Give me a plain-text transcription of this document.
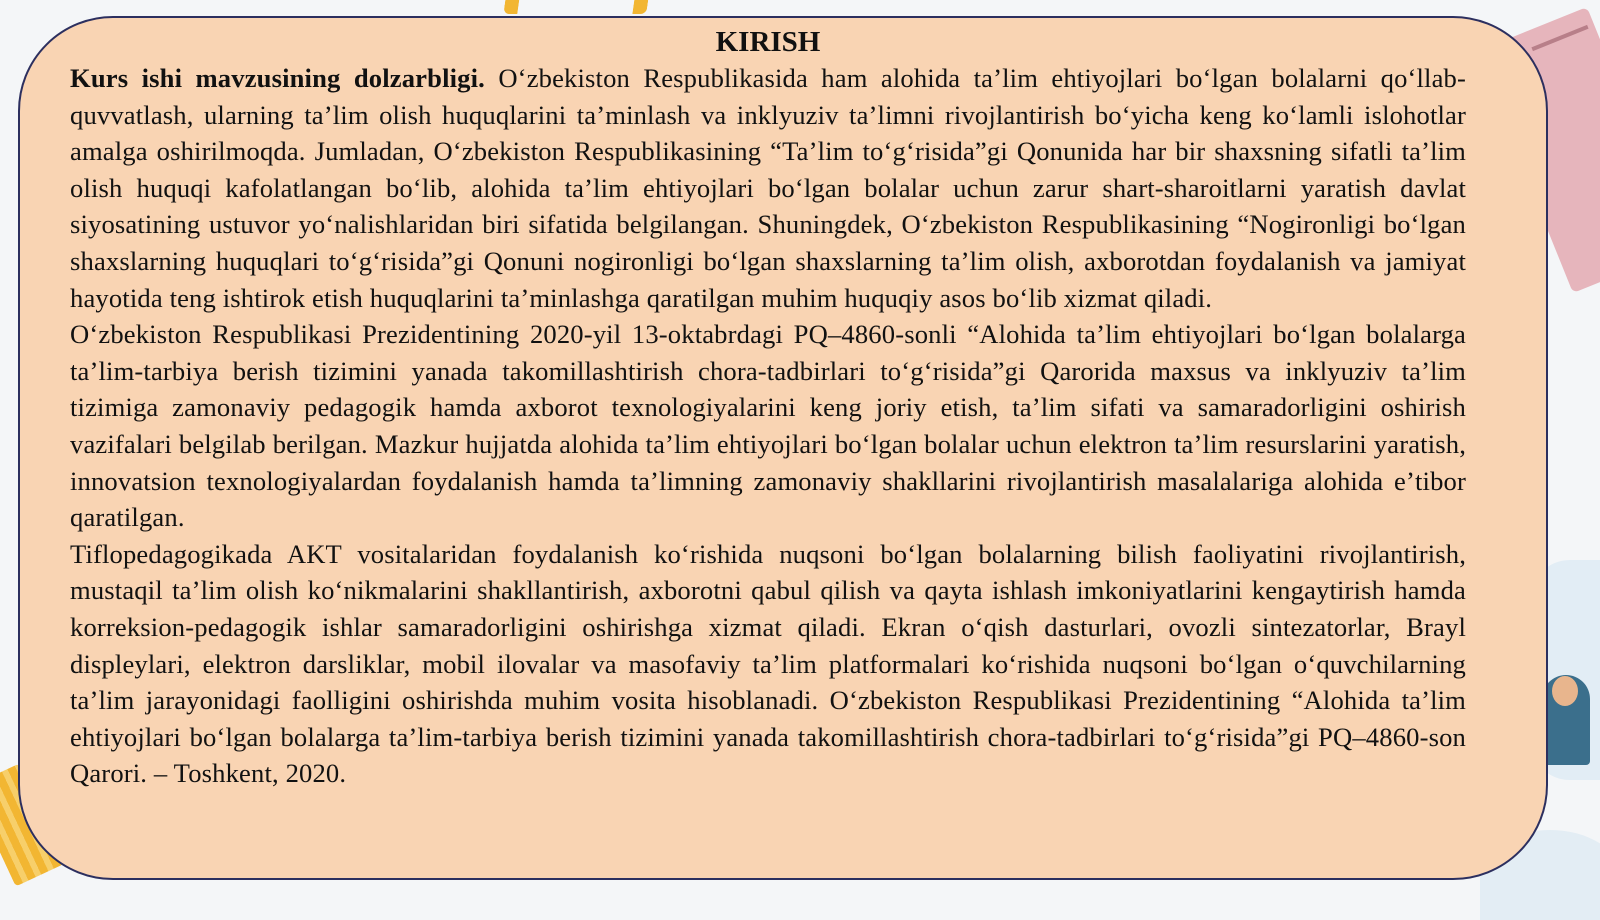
KIRISH

Kurs ishi mavzusining dolzarbligi. Oʻzbekiston Respublikasida ham alohida taʼlim ehtiyojlari boʻlgan bolalarni qoʻllab-quvvatlash, ularning taʼlim olish huquqlarini taʼminlash va inklyuziv taʼlimni rivojlantirish boʻyicha keng koʻlamli islohotlar amalga oshirilmoqda. Jumladan, Oʻzbekiston Respublikasining “Taʼlim toʻgʻrisida”gi Qonunida har bir shaxsning sifatli taʼlim olish huquqi kafolatlangan boʻlib, alohida taʼlim ehtiyojlari boʻlgan bolalar uchun zarur shart-sharoitlarni yaratish davlat siyosatining ustuvor yoʻnalishlaridan biri sifatida belgilangan. Shuningdek, Oʻzbekiston Respublikasining “Nogironligi boʻlgan shaxslarning huquqlari toʻgʻrisida”gi Qonuni nogironligi boʻlgan shaxslarning taʼlim olish, axborotdan foydalanish va jamiyat hayotida teng ishtirok etish huquqlarini taʼminlashga qaratilgan muhim huquqiy asos boʻlib xizmat qiladi.

Oʻzbekiston Respublikasi Prezidentining 2020-yil 13-oktabrdagi PQ–4860-sonli “Alohida taʼlim ehtiyojlari boʻlgan bolalarga taʼlim-tarbiya berish tizimini yanada takomillashtirish chora-tadbirlari toʻgʻrisida”gi Qarorida maxsus va inklyuziv taʼlim tizimiga zamonaviy pedagogik hamda axborot texnologiyalarini keng joriy etish, taʼlim sifati va samaradorligini oshirish vazifalari belgilab berilgan. Mazkur hujjatda alohida taʼlim ehtiyojlari boʻlgan bolalar uchun elektron taʼlim resurslarini yaratish, innovatsion texnologiyalardan foydalanish hamda taʼlimning zamonaviy shakllarini rivojlantirish masalalariga alohida eʼtibor qaratilgan.

Tiflopedagogikada AKT vositalaridan foydalanish koʻrishida nuqsoni boʻlgan bolalarning bilish faoliyatini rivojlantirish, mustaqil taʼlim olish koʻnikmalarini shakllantirish, axborotni qabul qilish va qayta ishlash imkoniyatlarini kengaytirish hamda korreksion-pedagogik ishlar samaradorligini oshirishga xizmat qiladi. Ekran oʻqish dasturlari, ovozli sintezatorlar, Brayl displeylari, elektron darsliklar, mobil ilovalar va masofaviy taʼlim platformalari koʻrishida nuqsoni boʻlgan oʻquvchilarning taʼlim jarayonidagi faolligini oshirishda muhim vosita hisoblanadi. Oʻzbekiston Respublikasi Prezidentining “Alohida taʼlim ehtiyojlari boʻlgan bolalarga taʼlim-tarbiya berish tizimini yanada takomillashtirish chora-tadbirlari toʻgʻrisida”gi PQ–4860-son Qarori. – Toshkent, 2020.
